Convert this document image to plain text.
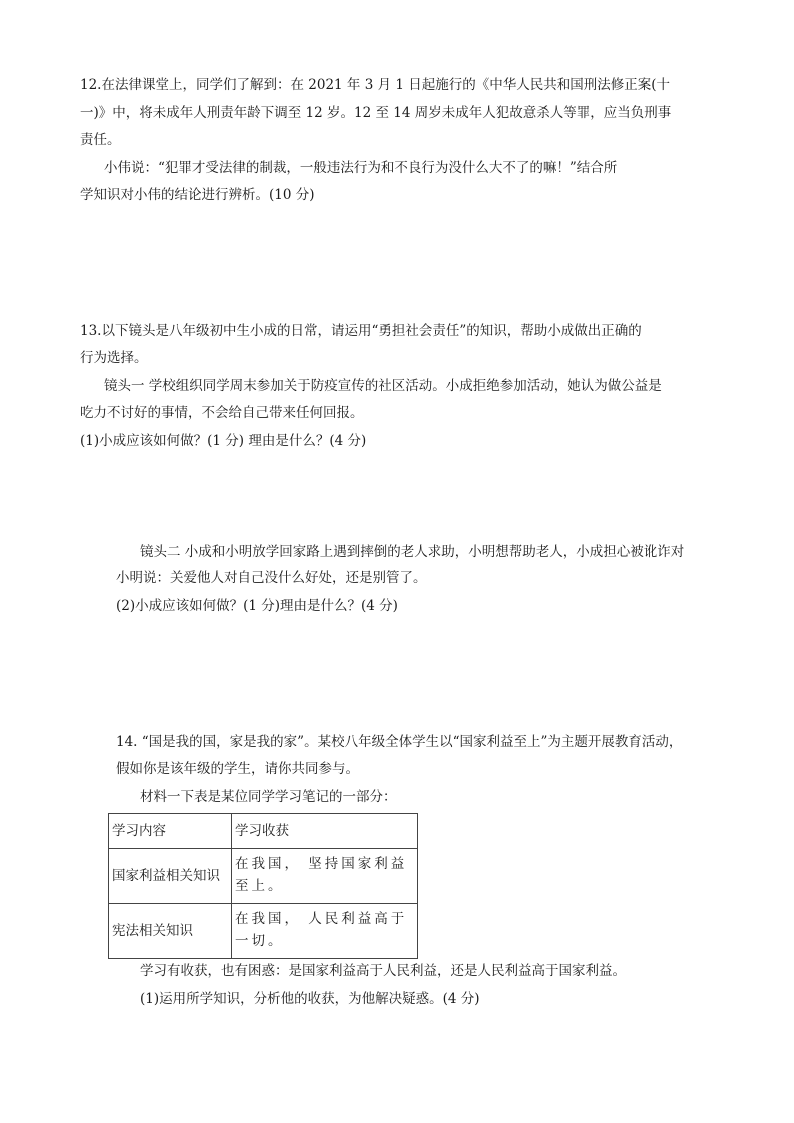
12.在法律课堂上，同学们了解到：在 2021 年 3 月 1 日起施行的《中华人民共和国刑法修正案(十
一)》中，将未成年人刑责年龄下调至 12 岁。12 至 14 周岁未成年人犯故意杀人等罪，应当负刑事
责任。
小伟说：“犯罪才受法律的制裁，一般违法行为和不良行为没什么大不了的嘛！”结合所
学知识对小伟的结论进行辨析。(10 分)
13.以下镜头是八年级初中生小成的日常，请运用“勇担社会责任”的知识，帮助小成做出正确的
行为选择。
镜头一 学校组织同学周末参加关于防疫宣传的社区活动。小成拒绝参加活动，她认为做公益是
吃力不讨好的事情，不会给自己带来任何回报。
(1)小成应该如何做？(1 分) 理由是什么？(4 分)
镜头二 小成和小明放学回家路上遇到摔倒的老人求助，小明想帮助老人，小成担心被讹诈对
小明说：关爱他人对自己没什么好处，还是别管了。
(2)小成应该如何做？(1 分)理由是什么？(4 分)
14. “国是我的国，家是我的家”。某校八年级全体学生以“国家利益至上”为主题开展教育活动，
假如你是该年级的学生，请你共同参与。
材料一下表是某位同学学习笔记的一部分：
学习内容	学习收获
国家利益相关知识	在我国， 坚持国家利益至上。
宪法相关知识	在我国， 人民利益高于一切。
学习有收获，也有困惑：是国家利益高于人民利益，还是人民利益高于国家利益。
(1)运用所学知识，分析他的收获，为他解决疑惑。(4 分)
